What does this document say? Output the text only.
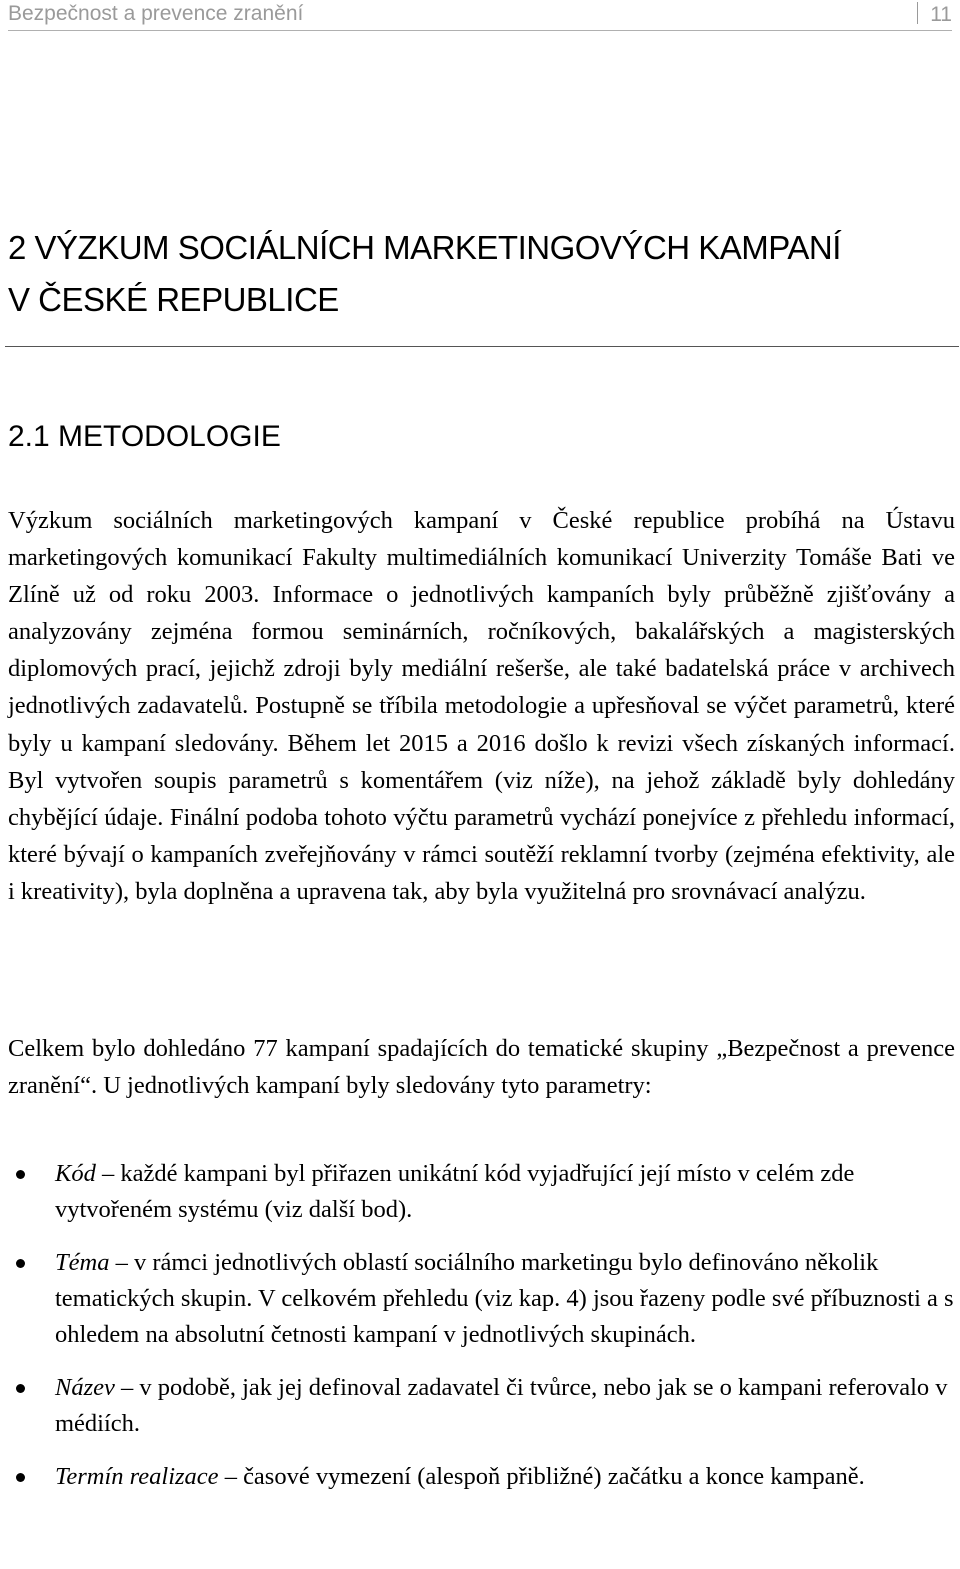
Bezpečnost a prevence zranění	11
2 VÝZKUM SOCIÁLNÍCH MARKETINGOVÝCH KAMPANÍ
V ČESKÉ REPUBLICE
2.1 METODOLOGIE

Výzkum sociálních marketingových kampaní v České republice probíhá na Ústavu marketingových komunikací Fakulty multimediálních komunikací Univerzity Tomáše Bati ve Zlíně už od roku 2003. Informace o jednotlivých kampaních byly průběžně zjišťovány a analyzovány zejména formou seminárních, ročníkových, bakalářských a magisterských diplomových prací, jejichž zdroji byly mediální rešerše, ale také badatelská práce v archivech jednotlivých zadavatelů. Postupně se tříbila metodologie a upřesňoval se výčet parametrů, které byly u kampaní sledovány. Během let 2015 a 2016 došlo k revizi všech získaných informací. Byl vytvořen soupis parametrů s komentářem (viz níže), na jehož základě byly dohledány chybějící údaje. Finální podoba tohoto výčtu parametrů vychází ponejvíce z přehledu informací, které bývají o kampaních zveřejňovány v rámci soutěží reklamní tvorby (zejména efektivity, ale i kreativity), byla doplněna a upravena tak, aby byla využitelná pro srovnávací analýzu.

Celkem bylo dohledáno 77 kampaní spadajících do tematické skupiny „Bezpečnost a prevence zranění“. U jednotlivých kampaní byly sledovány tyto parametry:

Kód – každé kampani byl přiřazen unikátní kód vyjadřující její místo v celém zde vytvořeném systému (viz další bod).
Téma – v rámci jednotlivých oblastí sociálního marketingu bylo definováno několik tematických skupin. V celkovém přehledu (viz kap. 4) jsou řazeny podle své příbuznosti a s ohledem na absolutní četnosti kampaní v jednotlivých skupinách.
Název – v podobě, jak jej definoval zadavatel či tvůrce, nebo jak se o kampani referovalo v médiích.
Termín realizace – časové vymezení (alespoň přibližné) začátku a konce kampaně.
